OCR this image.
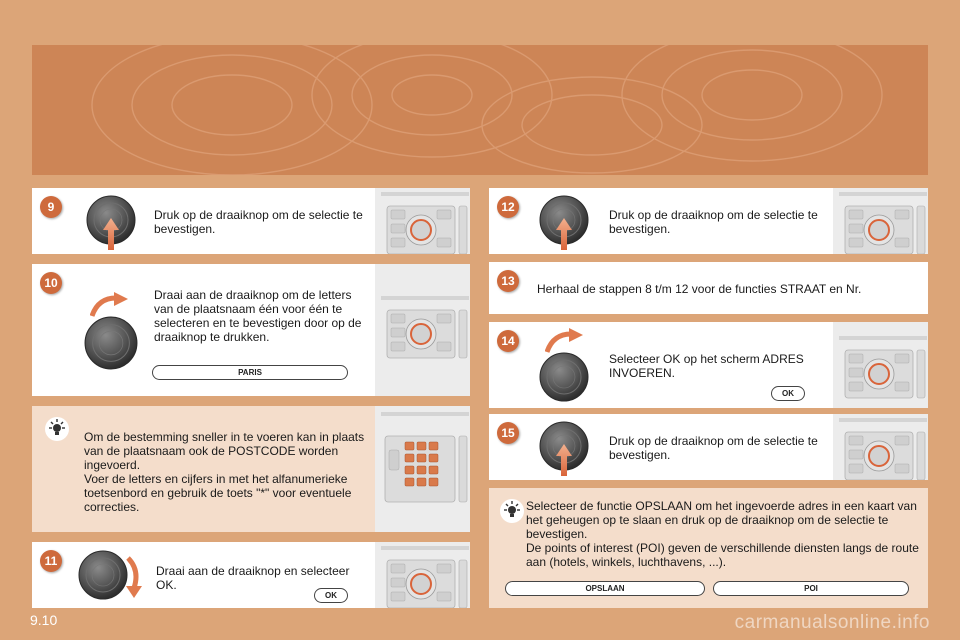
9
Druk op de draaiknop om de selectie te bevestigen.
10
Draai aan de draaiknop om de letters van de plaatsnaam één voor één te selecteren en te bevestigen door op de draaiknop te drukken.
PARIS
Om de bestemming sneller in te voeren kan in plaats van de plaatsnaam ook de POSTCODE worden ingevoerd.
Voer de letters en cijfers in met het alfanumerieke toetsenbord en gebruik de toets "*" voor eventuele correcties.
11
Draai aan de draaiknop en selecteer OK.
OK
12
Druk op de draaiknop om de selectie te bevestigen.
13
Herhaal de stappen 8 t/m 12 voor de functies STRAAT en Nr.
14
Selecteer OK op het scherm ADRES INVOEREN.
OK
15
Druk op de draaiknop om de selectie te bevestigen.
Selecteer de functie OPSLAAN om het ingevoerde adres in een kaart van het geheugen op te slaan en druk op de draaiknop om de selectie te bevestigen.
De points of interest (POI) geven de verschillende diensten langs de route aan (hotels, winkels, luchthavens, ...).
OPSLAAN	POI
9.10	carmanualsonline.info
